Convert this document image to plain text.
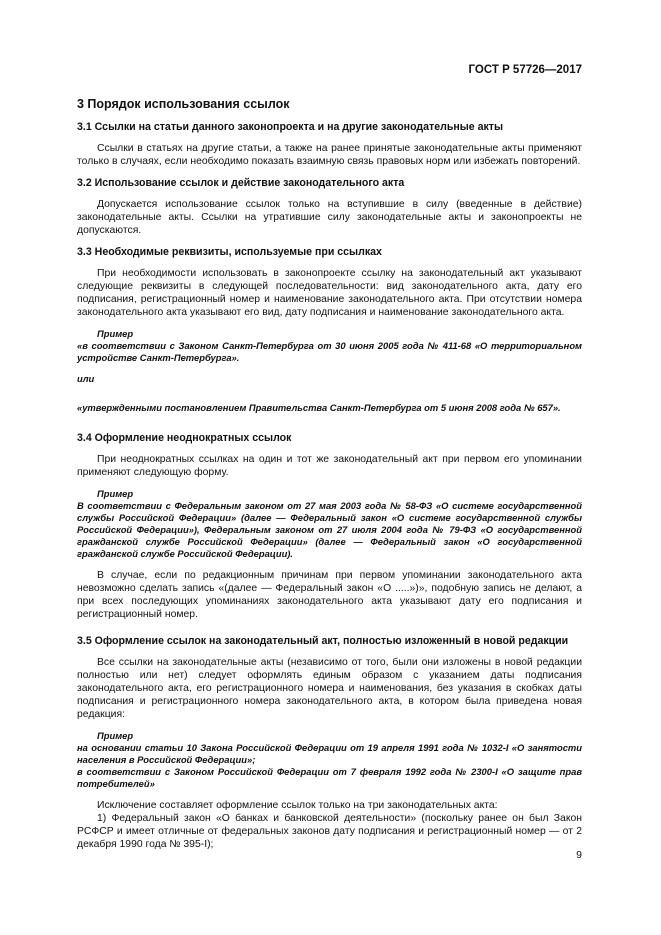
ГОСТ Р 57726—2017
3 Порядок использования ссылок
3.1 Ссылки на статьи данного законопроекта и на другие законодательные акты

Ссылки в статьях на другие статьи, а также на ранее принятые законодательные акты применяют только в случаях, если необходимо показать взаимную связь правовых норм или избежать повторений.

3.2 Использование ссылок и действие законодательного акта

Допускается использование ссылок только на вступившие в силу (введенные в действие) законодательные акты. Ссылки на утратившие силу законодательные акты и законопроекты не допускаются.

3.3 Необходимые реквизиты, используемые при ссылках

При необходимости использовать в законопроекте ссылку на законодательный акт указывают следующие реквизиты в следующей последовательности: вид законодательного акта, дату его подписания, регистрационный номер и наименование законодательного акта. При отсутствии номера законодательного акта указывают его вид, дату подписания и наименование законодательного акта.

Пример

«в соответствии с Законом Санкт-Петербурга от 30 июня 2005 года № 411-68 «О территориальном устройстве Санкт-Петербурга».

или

«утвержденными постановлением Правительства Санкт-Петербурга от 5 июня 2008 года № 657».

3.4 Оформление неоднократных ссылок

При неоднократных ссылках на один и тот же законодательный акт при первом его упоминании применяют следующую форму.

Пример

В соответствии с Федеральным законом от 27 мая 2003 года № 58-ФЗ «О системе государственной службы Российской Федерации» (далее — Федеральный закон «О системе государственной службы Российской Федерации»), Федеральным законом от 27 июля 2004 года № 79-ФЗ «О государственной гражданской службе Российской Федерации» (далее — Федеральный закон «О государственной гражданской службе Российской Федерации).

В случае, если по редакционным причинам при первом упоминании законодательного акта невозможно сделать запись «(далее — Федеральный закон «О .....»)», подобную запись не делают, а при всех последующих упоминаниях законодательного акта указывают дату его подписания и регистрационный номер.

3.5 Оформление ссылок на законодательный акт, полностью изложенный в новой редакции

Все ссылки на законодательные акты (независимо от того, были они изложены в новой редакции полностью или нет) следует оформлять единым образом с указанием даты подписания законодательного акта, его регистрационного номера и наименования, без указания в скобках даты подписания и регистрационного номера законодательного акта, в котором была приведена новая редакция:

Пример

на основании статьи 10 Закона Российской Федерации от 19 апреля 1991 года № 1032-I «О занятости населения в Российской Федерации»;

в соответствии с Законом Российской Федерации от 7 февраля 1992 года № 2300-I «О защите прав потребителей»

Исключение составляет оформление ссылок только на три законодательных акта:

1) Федеральный закон «О банках и банковской деятельности» (поскольку ранее он был Закон РСФСР и имеет отличные от федеральных законов дату подписания и регистрационный номер — от 2 декабря 1990 года № 395-I);

9
